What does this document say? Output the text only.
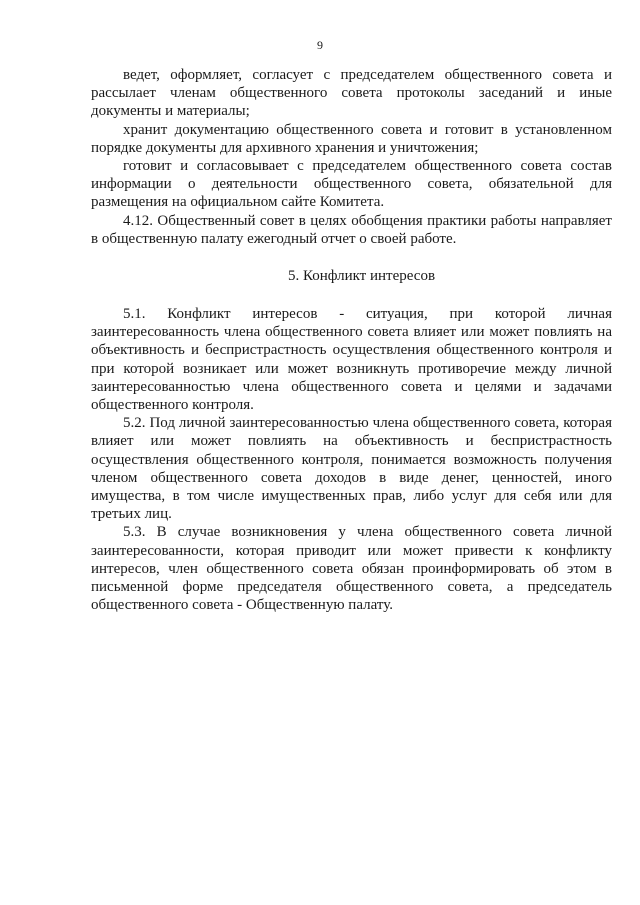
9

ведет, оформляет, согласует с председателем общественного совета и рассылает членам общественного совета протоколы заседаний и иные документы и материалы;

хранит документацию общественного совета и готовит в установленном порядке документы для архивного хранения и уничтожения;

готовит и согласовывает с председателем общественного совета состав информации о деятельности общественного совета, обязательной для размещения на официальном сайте Комитета.

4.12. Общественный совет в целях обобщения практики работы направляет в общественную палату ежегодный отчет о своей работе.

5. Конфликт интересов

5.1. Конфликт интересов - ситуация, при которой личная заинтересованность члена общественного совета влияет или может повлиять на объективность и беспристрастность осуществления общественного контроля и при которой возникает или может возникнуть противоречие между личной заинтересованностью члена общественного совета и целями и задачами общественного контроля.

5.2. Под личной заинтересованностью члена общественного совета, которая влияет или может повлиять на объективность и беспристрастность осуществления общественного контроля, понимается возможность получения членом общественного совета доходов в виде денег, ценностей, иного имущества, в том числе имущественных прав, либо услуг для себя или для третьих лиц.

5.3. В случае возникновения у члена общественного совета личной заинтересованности, которая приводит или может привести к конфликту интересов, член общественного совета обязан проинформировать об этом в письменной форме председателя общественного совета, а председатель общественного совета - Общественную палату.
